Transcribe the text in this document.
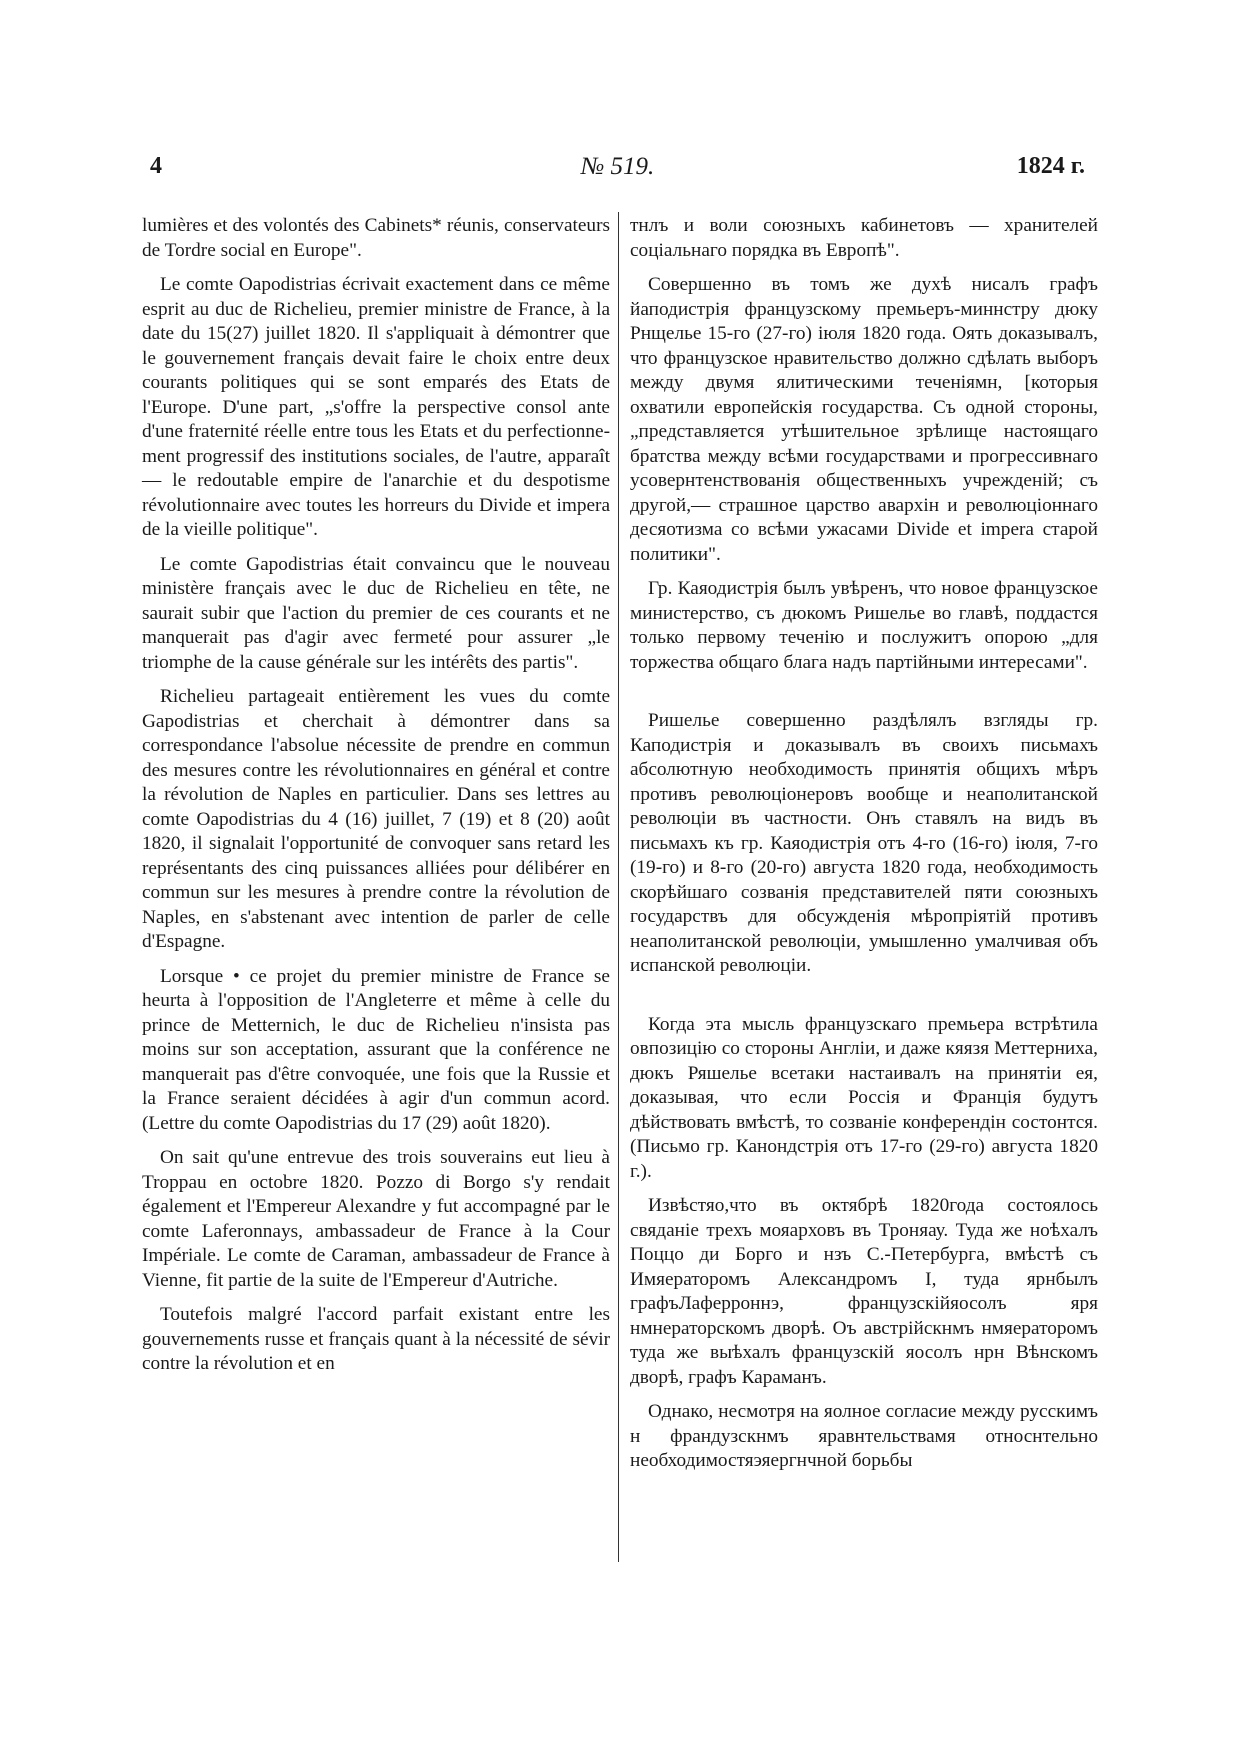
4	№ 519.	1824 г.

lumières et des volontés des Cabinets* réunis, conservateurs de Tordre social en Europe".

Le comte Oapodistrias écrivait exactement dans ce même esprit au duc de Richelieu, premier ministre de France, à la date du 15(27) juillet 1820. Il s'appliquait à démontrer que le gouvernement français devait faire le choix entre deux courants politiques qui se sont emparés des Etats de l'Europe. D'une part, „s'offre la perspective consol ante d'une fraternité réelle entre tous les Etats et du perfectionnement progressif des institutions sociales, de l'autre, apparaît — le redoutable empire de l'anarchie et du despotisme révolutionnaire avec toutes les horreurs du Divide et impera de la vieille politique".

Le comte Gapodistrias était convaincu que le nouveau ministère français avec le duc de Richelieu en tête, ne saurait subir que l'action du premier de ces courants et ne manquerait pas d'agir avec fermeté pour assurer „le triomphe de la cause générale sur les intérêts des partis".

Richelieu partageait entièrement les vues du comte Gapodistrias et cherchait à démontrer dans sa correspondance l'absolue nécessite de prendre en commun des mesures contre les révolutionnaires en général et contre la révolution de Naples en particulier. Dans ses lettres au comte Oapodistrias du 4 (16) juillet, 7 (19) et 8 (20) août 1820, il signalait l'opportunité de convoquer sans retard les représentants des cinq puissances alliées pour délibérer en commun sur les mesures à prendre contre la révolution de Naples, en s'abstenant avec intention de parler de celle d'Espagne.

Lorsque • ce projet du premier ministre de France se heurta à l'opposition de l'Angleterre et même à celle du prince de Metternich, le duc de Richelieu n'insista pas moins sur son acceptation, assurant que la conférence ne manquerait pas d'être convoquée, une fois que la Russie et la France seraient décidées à agir d'un commun acord. (Lettre du comte Oapodistrias du 17 (29) août 1820).

On sait qu'une entrevue des trois souverains eut lieu à Troppau en octobre 1820. Pozzo di Borgo s'y rendait également et l'Empereur Alexandre y fut accompagné par le comte Laferonnays, ambassadeur de France à la Cour Impériale. Le comte de Caraman, ambassadeur de France à Vienne, fit partie de la suite de l'Empereur d'Autriche.

Toutefois malgré l'accord parfait existant entre les gouvernements russe et français quant à la nécessité de sévir contre la révolution et en

тнлъ и воли союзныхъ кабинетовъ — хранителей соціальнаго порядка въ Европѣ".

Совершенно въ томъ же духѣ нисалъ графъ йаподистрія французскому премьеръ-миннстру дюку Рнщелье 15-го (27-го) іюля 1820 года. Оять доказывалъ, что французское нравительство должно сдѣлать выборъ между двумя ялитическими теченіямн, [которыя охватили европейскія государства. Съ одной стороны, „представляется утѣшительное зрѣлище настоящаго братства между всѣми государствами и прогрессивнаго усовернтенствованія общественныхъ учрежденій; съ другой,— страшное царство авархін и революціоннаго десяотизма со всѣми ужасами Divide et impera старой политики".

Гр. Каяодистрія былъ увѣренъ, что новое французское министерство, съ дюкомъ Ришелье во главѣ, поддастся только первому теченію и послужитъ опорою „для торжества общаго блага надъ партійными интересами".

Ришелье совершенно раздѣлялъ взгляды гр. Каподистрія и доказывалъ въ своихъ письмахъ абсолютную необходимость принятія общихъ мѣръ противъ революціонеровъ вообще и неаполитанской революціи въ частности. Онъ ставялъ на видъ въ письмахъ къ гр. Каяодистрія отъ 4-го (16-го) іюля, 7-го (19-го) и 8-го (20-го) августа 1820 года, необходимость скорѣйшаго созванія представителей пяти союзныхъ государствъ для обсужденія мѣропріятій противъ неаполитанской революціи, умышленно умалчивая объ испанской революціи.

Когда эта мысль французскаго премьера встрѣтила овпозицію со стороны Англіи, и даже кяязя Меттерниха, дюкъ Ряшелье всетаки настаивалъ на принятіи ея, доказывая, что если Россія и Францiя будутъ дѣйствовать вмѣстѣ, то созваніе конферендін состонтся. (Письмо гр. Канондстрія отъ 17-го (29-го) августа 1820 г.).

Извѣстяо,что въ октябрѣ 1820года состоялось свяданіе трехъ мояарховъ въ Троняау. Туда же ноѣхалъ Поццо ди Борго и нзъ С.-Петербурга, вмѣстѣ съ Имяераторомъ Александромъ I, туда ярнбылъ графъЛаферроннэ, французскійяосолъ яря нмнераторскомъ дворѣ. Оъ австрійскнмъ нмяераторомъ туда же выѣхалъ французскій яосолъ нрн Вѣнскомъ дворѣ, графъ Караманъ.

Однако, несмотря на яолное согласие между русскимъ н франдузскнмъ яравнтельствамя относнтельно необходимостяэяергнчной борьбы
